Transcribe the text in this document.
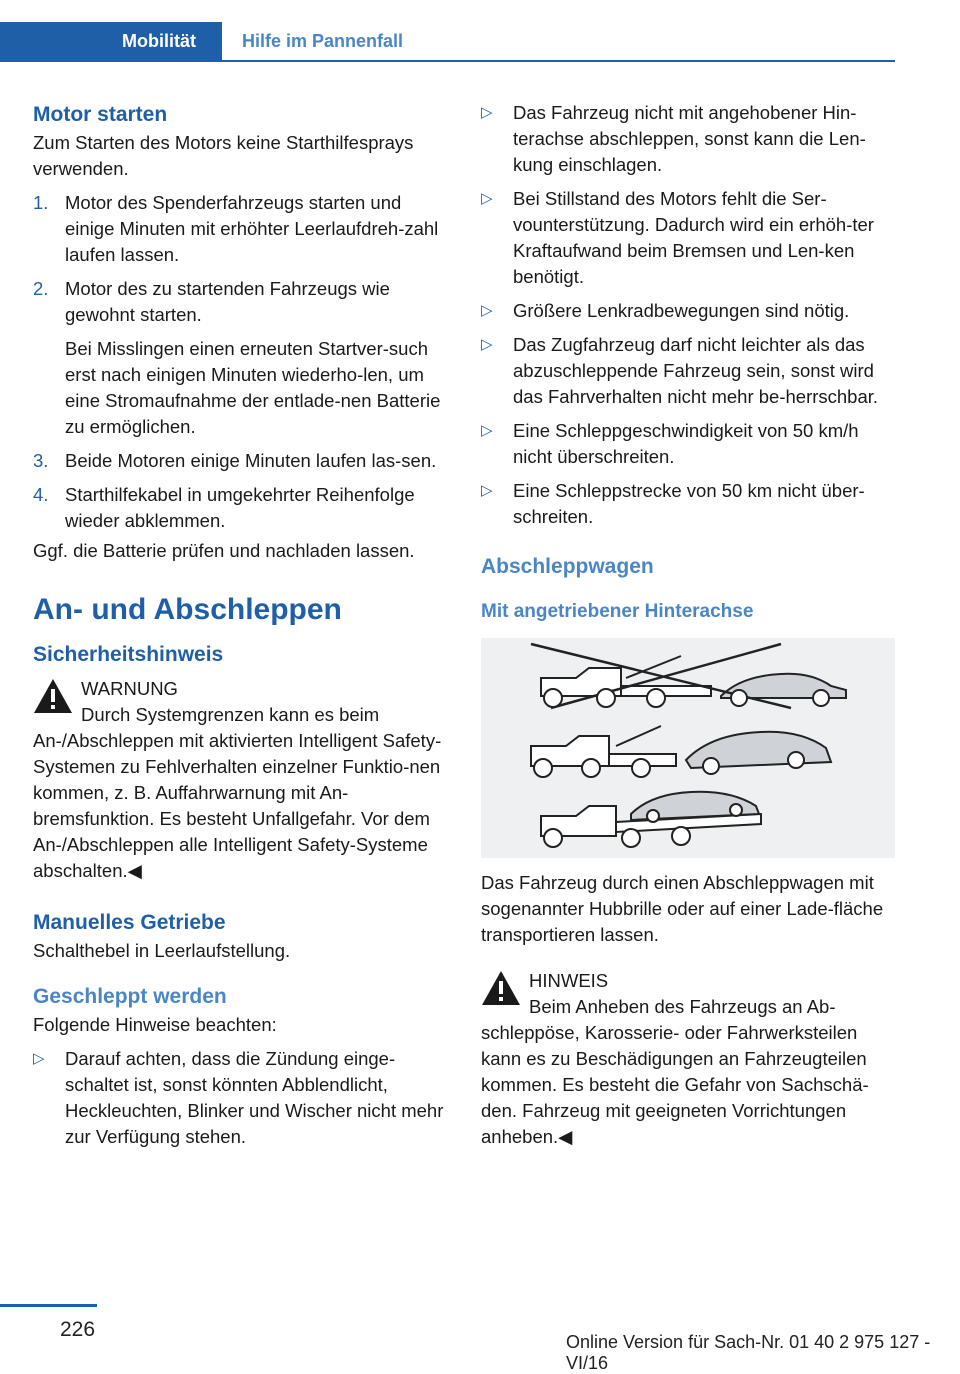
Mobilität	Hilfe im Pannenfall
Motor starten

Zum Starten des Motors keine Starthilfesprays verwenden.

1. Motor des Spenderfahrzeugs starten und einige Minuten mit erhöhter Leerlaufdreh-zahl laufen lassen.
2. Motor des zu startenden Fahrzeugs wie gewohnt starten.
Bei Misslingen einen erneuten Startver-such erst nach einigen Minuten wiederho-len, um eine Stromaufnahme der entlade-nen Batterie zu ermöglichen.
3. Beide Motoren einige Minuten laufen las-sen.
4. Starthilfekabel in umgekehrter Reihenfolge wieder abklemmen.

Ggf. die Batterie prüfen und nachladen lassen.

An- und Abschleppen
Sicherheitshinweis
WARNUNG

Durch Systemgrenzen kann es beim An-/Abschleppen mit aktivierten Intelligent Safety-Systemen zu Fehlverhalten einzelner Funktio-nen kommen, z. B. Auffahrwarnung mit An-bremsfunktion. Es besteht Unfallgefahr. Vor dem An-/Abschleppen alle Intelligent Safety-Systeme abschalten.◀

Manuelles Getriebe

Schalthebel in Leerlaufstellung.

Geschleppt werden

Folgende Hinweise beachten:

▷ Darauf achten, dass die Zündung einge-schaltet ist, sonst könnten Abblendlicht, Heckleuchten, Blinker und Wischer nicht mehr zur Verfügung stehen.
▷ Das Fahrzeug nicht mit angehobener Hin-terachse abschleppen, sonst kann die Len-kung einschlagen.
▷ Bei Stillstand des Motors fehlt die Ser-vounterstützung. Dadurch wird ein erhöh-ter Kraftaufwand beim Bremsen und Len-ken benötigt.
▷ Größere Lenkradbewegungen sind nötig.
▷ Das Zugfahrzeug darf nicht leichter als das abzuschleppende Fahrzeug sein, sonst wird das Fahrverhalten nicht mehr be-herrschbar.
▷ Eine Schleppgeschwindigkeit von 50 km/h nicht überschreiten.
▷ Eine Schleppstrecke von 50 km nicht über-schreiten.
Abschleppwagen
Mit angetriebener Hinterachse

Das Fahrzeug durch einen Abschleppwagen mit sogenannter Hubbrille oder auf einer Lade-fläche transportieren lassen.

HINWEIS

Beim Anheben des Fahrzeugs an Ab-schleppöse, Karosserie- oder Fahrwerksteilen kann es zu Beschädigungen an Fahrzeugteilen kommen. Es besteht die Gefahr von Sachschä-den. Fahrzeug mit geeigneten Vorrichtungen anheben.◀

226
Online Version für Sach-Nr. 01 40 2 975 127 - VI/16
